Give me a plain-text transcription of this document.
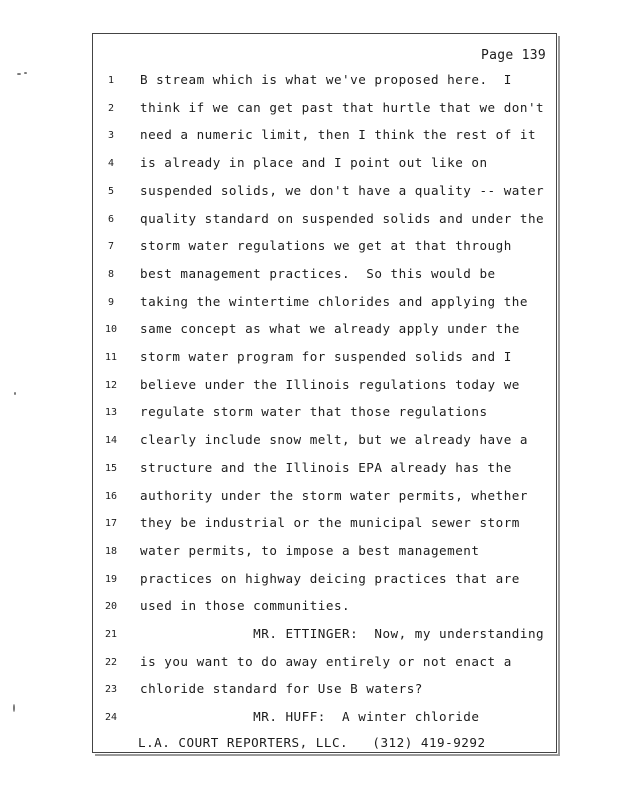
Page 139
1	B stream which is what we've proposed here.  I
2	think if we can get past that hurtle that we don't
3	need a numeric limit, then I think the rest of it
4	is already in place and I point out like on
5	suspended solids, we don't have a quality -- water
6	quality standard on suspended solids and under the
7	storm water regulations we get at that through
8	best management practices.  So this would be
9	taking the wintertime chlorides and applying the
10	same concept as what we already apply under the
11	storm water program for suspended solids and I
12	believe under the Illinois regulations today we
13	regulate storm water that those regulations
14	clearly include snow melt, but we already have a
15	structure and the Illinois EPA already has the
16	authority under the storm water permits, whether
17	they be industrial or the municipal sewer storm
18	water permits, to impose a best management
19	practices on highway deicing practices that are
20	used in those communities.
21	MR. ETTINGER:  Now, my understanding
22	is you want to do away entirely or not enact a
23	chloride standard for Use B waters?
24	MR. HUFF:  A winter chloride
L.A. COURT REPORTERS, LLC.   (312) 419-9292
